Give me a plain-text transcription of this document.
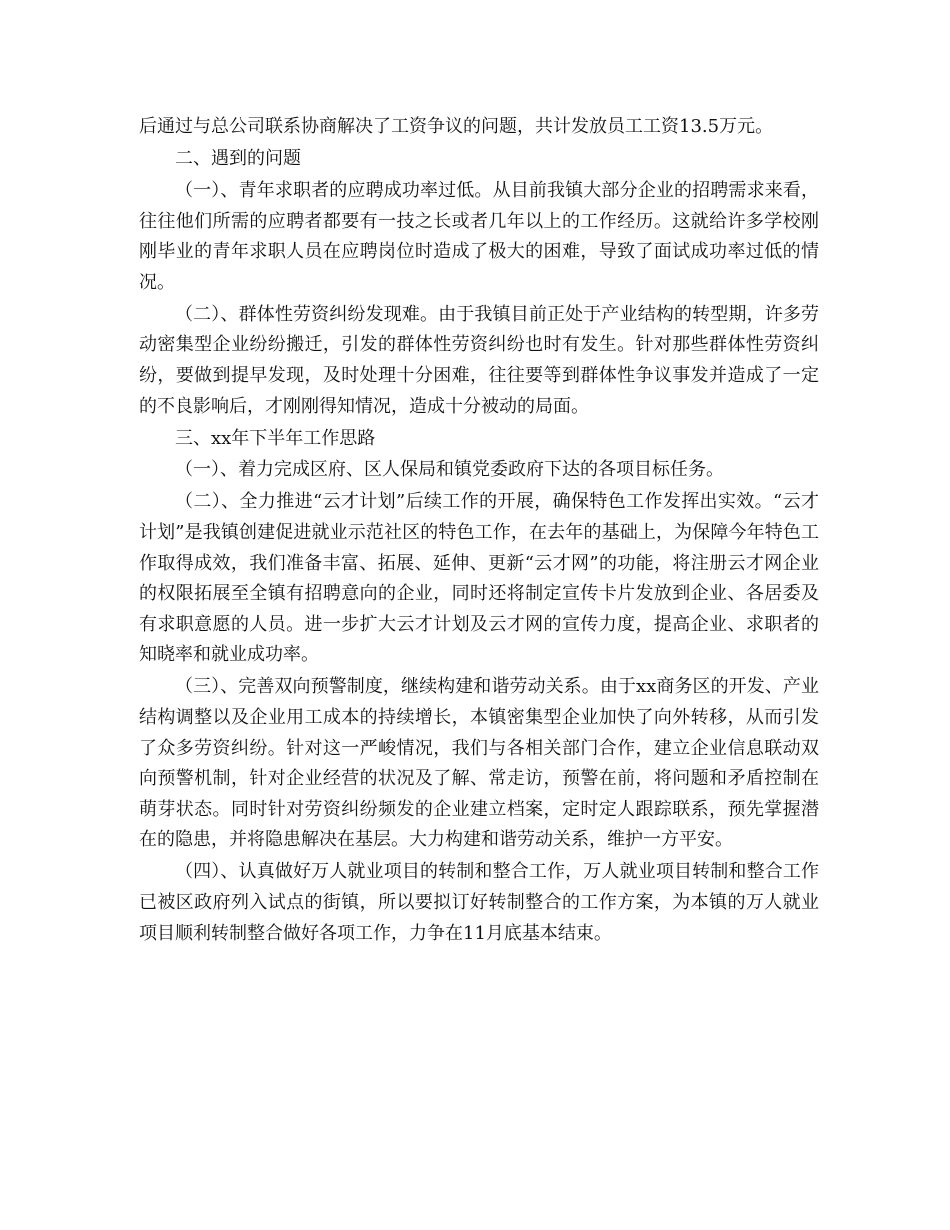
后通过与总公司联系协商解决了工资争议的问题，共计发放员工工资13.5万元。

二、遇到的问题

（一）、青年求职者的应聘成功率过低。从目前我镇大部分企业的招聘需求来看，往往他们所需的应聘者都要有一技之长或者几年以上的工作经历。这就给许多学校刚刚毕业的青年求职人员在应聘岗位时造成了极大的困难，导致了面试成功率过低的情况。

（二）、群体性劳资纠纷发现难。由于我镇目前正处于产业结构的转型期，许多劳动密集型企业纷纷搬迁，引发的群体性劳资纠纷也时有发生。针对那些群体性劳资纠纷，要做到提早发现，及时处理十分困难，往往要等到群体性争议事发并造成了一定的不良影响后，才刚刚得知情况，造成十分被动的局面。

三、xx年下半年工作思路

（一）、着力完成区府、区人保局和镇党委政府下达的各项目标任务。

（二）、全力推进“云才计划”后续工作的开展，确保特色工作发挥出实效。“云才计划”是我镇创建促进就业示范社区的特色工作，在去年的基础上，为保障今年特色工作取得成效，我们准备丰富、拓展、延伸、更新“云才网”的功能，将注册云才网企业的权限拓展至全镇有招聘意向的企业，同时还将制定宣传卡片发放到企业、各居委及有求职意愿的人员。进一步扩大云才计划及云才网的宣传力度，提高企业、求职者的知晓率和就业成功率。

（三）、完善双向预警制度，继续构建和谐劳动关系。由于xx商务区的开发、产业结构调整以及企业用工成本的持续增长，本镇密集型企业加快了向外转移，从而引发了众多劳资纠纷。针对这一严峻情况，我们与各相关部门合作，建立企业信息联动双向预警机制，针对企业经营的状况及了解、常走访，预警在前，将问题和矛盾控制在萌芽状态。同时针对劳资纠纷频发的企业建立档案，定时定人跟踪联系，预先掌握潜在的隐患，并将隐患解决在基层。大力构建和谐劳动关系，维护一方平安。

（四）、认真做好万人就业项目的转制和整合工作，万人就业项目转制和整合工作已被区政府列入试点的街镇，所以要拟订好转制整合的工作方案，为本镇的万人就业项目顺利转制整合做好各项工作，力争在11月底基本结束。
